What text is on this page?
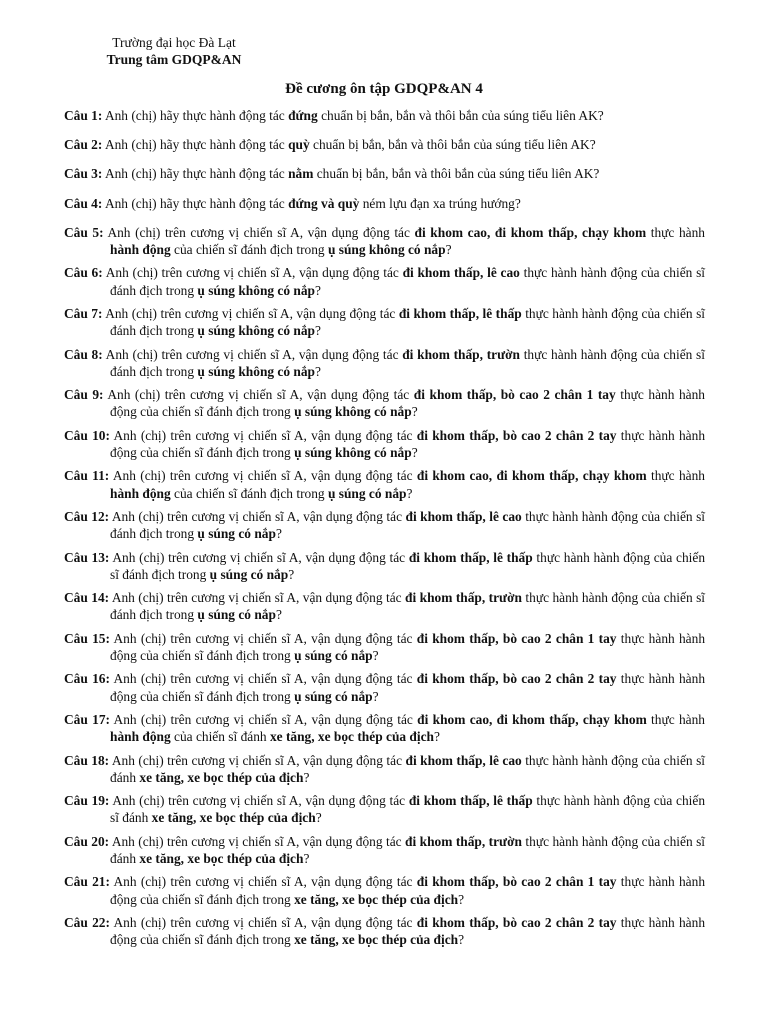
Trường đại học Đà Lạt
Trung tâm GDQP&AN
Đề cương ôn tập GDQP&AN 4

Câu 1: Anh (chị) hãy thực hành động tác đứng chuẩn bị bắn, bắn và thôi bắn của súng tiểu liên AK?

Câu 2: Anh (chị) hãy thực hành động tác quỳ chuẩn bị bắn, bắn và thôi bắn của súng tiểu liên AK?

Câu 3: Anh (chị) hãy thực hành động tác nằm chuẩn bị bắn, bắn và thôi bắn của súng tiểu liên AK?

Câu 4: Anh (chị) hãy thực hành động tác đứng và quỳ ném lựu đạn xa trúng hướng?

Câu 5: Anh (chị) trên cương vị chiến sĩ A, vận dụng động tác đi khom cao, đi khom thấp, chạy khom thực hành hành động của chiến sĩ đánh địch trong ụ súng không có nắp?

Câu 6: Anh (chị) trên cương vị chiến sĩ A, vận dụng động tác đi khom thấp, lê cao thực hành hành động của chiến sĩ đánh địch trong ụ súng không có nắp?

Câu 7: Anh (chị) trên cương vị chiến sĩ A, vận dụng động tác đi khom thấp, lê thấp thực hành hành động của chiến sĩ đánh địch trong ụ súng không có nắp?

Câu 8: Anh (chị) trên cương vị chiến sĩ A, vận dụng động tác đi khom thấp, trườn thực hành hành động của chiến sĩ đánh địch trong ụ súng không có nắp?

Câu 9: Anh (chị) trên cương vị chiến sĩ A, vận dụng động tác đi khom thấp, bò cao 2 chân 1 tay thực hành hành động của chiến sĩ đánh địch trong ụ súng không có nắp?

Câu 10: Anh (chị) trên cương vị chiến sĩ A, vận dụng động tác đi khom thấp, bò cao 2 chân 2 tay thực hành hành động của chiến sĩ đánh địch trong ụ súng không có nắp?

Câu 11: Anh (chị) trên cương vị chiến sĩ A, vận dụng động tác đi khom cao, đi khom thấp, chạy khom thực hành hành động của chiến sĩ đánh địch trong ụ súng có nắp?

Câu 12: Anh (chị) trên cương vị chiến sĩ A, vận dụng động tác đi khom thấp, lê cao thực hành hành động của chiến sĩ đánh địch trong ụ súng có nắp?

Câu 13: Anh (chị) trên cương vị chiến sĩ A, vận dụng động tác đi khom thấp, lê thấp thực hành hành động của chiến sĩ đánh địch trong ụ súng có nắp?

Câu 14: Anh (chị) trên cương vị chiến sĩ A, vận dụng động tác đi khom thấp, trườn thực hành hành động của chiến sĩ đánh địch trong ụ súng có nắp?

Câu 15: Anh (chị) trên cương vị chiến sĩ A, vận dụng động tác đi khom thấp, bò cao 2 chân 1 tay thực hành hành động của chiến sĩ đánh địch trong ụ súng có nắp?

Câu 16: Anh (chị) trên cương vị chiến sĩ A, vận dụng động tác đi khom thấp, bò cao 2 chân 2 tay thực hành hành động của chiến sĩ đánh địch trong ụ súng có nắp?

Câu 17: Anh (chị) trên cương vị chiến sĩ A, vận dụng động tác đi khom cao, đi khom thấp, chạy khom thực hành hành động của chiến sĩ đánh xe tăng, xe bọc thép của địch?

Câu 18: Anh (chị) trên cương vị chiến sĩ A, vận dụng động tác đi khom thấp, lê cao thực hành hành động của chiến sĩ đánh xe tăng, xe bọc thép của địch?

Câu 19: Anh (chị) trên cương vị chiến sĩ A, vận dụng động tác đi khom thấp, lê thấp thực hành hành động của chiến sĩ đánh xe tăng, xe bọc thép của địch?

Câu 20: Anh (chị) trên cương vị chiến sĩ A, vận dụng động tác đi khom thấp, trườn thực hành hành động của chiến sĩ đánh xe tăng, xe bọc thép của địch?

Câu 21: Anh (chị) trên cương vị chiến sĩ A, vận dụng động tác đi khom thấp, bò cao 2 chân 1 tay thực hành hành động của chiến sĩ đánh địch trong xe tăng, xe bọc thép của địch?

Câu 22: Anh (chị) trên cương vị chiến sĩ A, vận dụng động tác đi khom thấp, bò cao 2 chân 2 tay thực hành hành động của chiến sĩ đánh địch trong xe tăng, xe bọc thép của địch?
